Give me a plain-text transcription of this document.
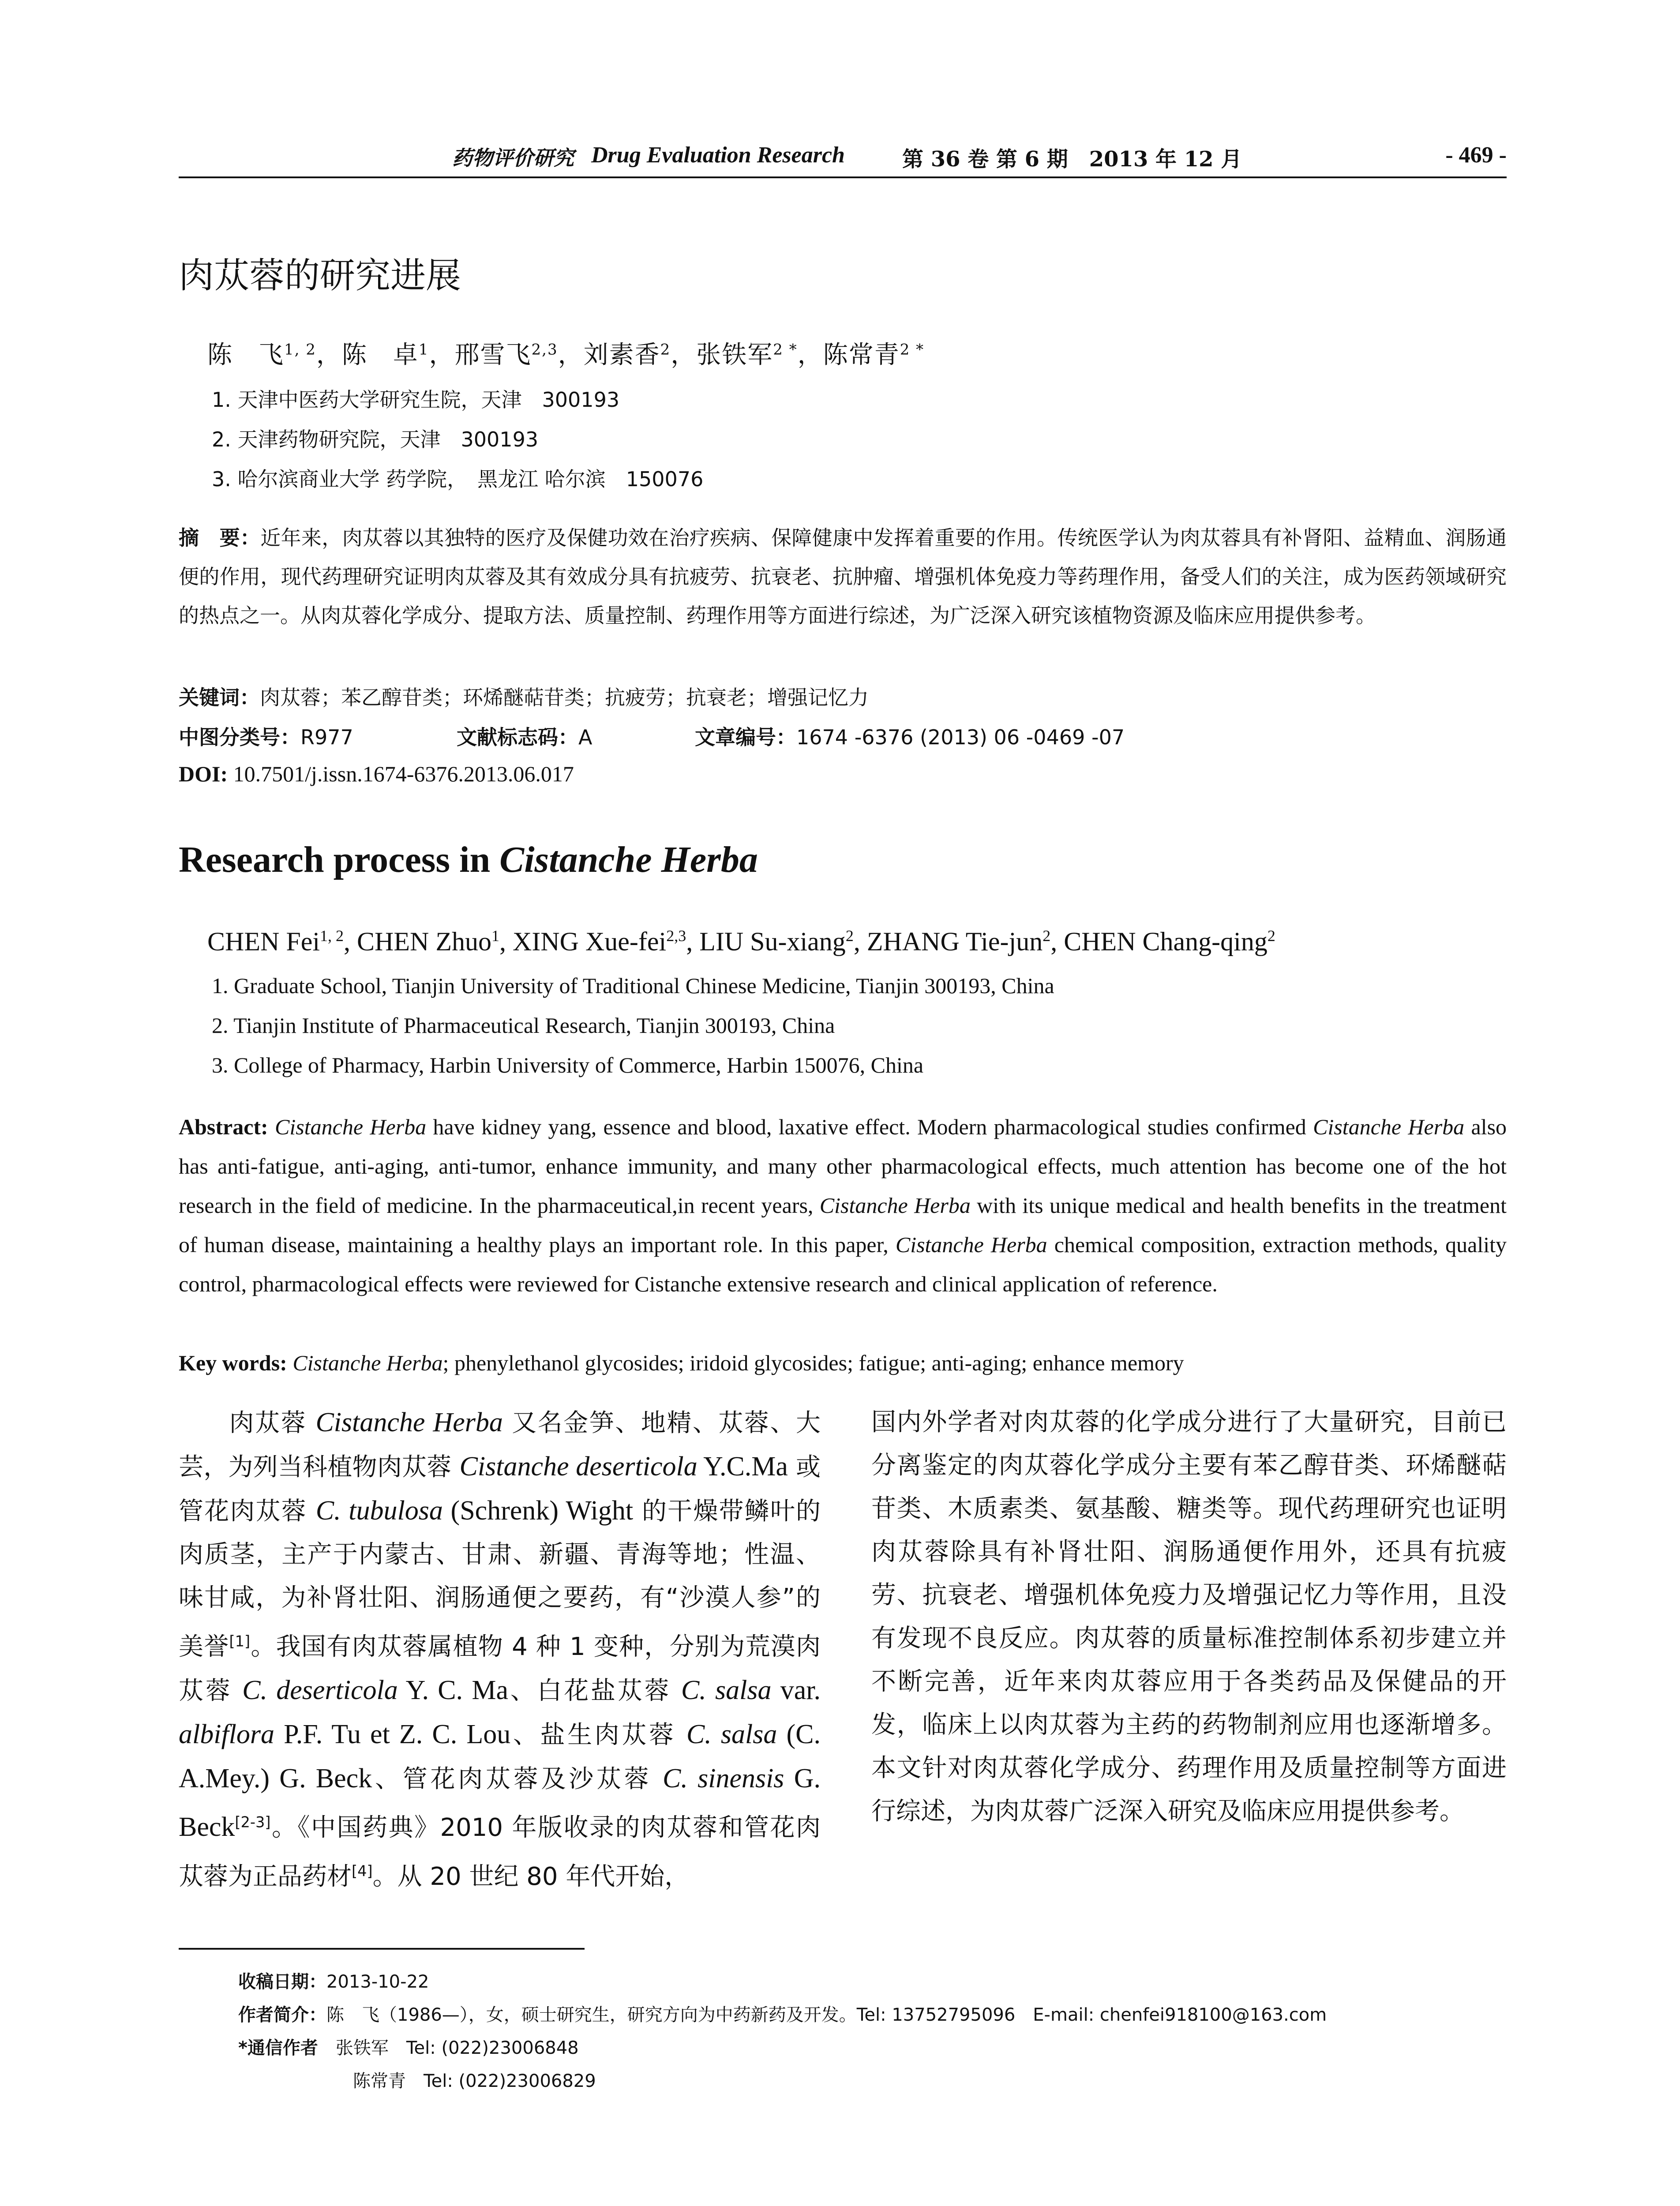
药物评价研究 Drug Evaluation Research	第 36 卷 第 6 期　2013 年 12 月	- 469 -
肉苁蓉的研究进展
陈　飞$^{1, 2}$，陈　卓$^1$，邢雪飞$^{2,3}$，刘素香$^2$，张铁军$^{2 *}$，陈常青$^{2 *}$
1. 天津中医药大学研究生院，天津　300193
2. 天津药物研究院，天津　300193
3. 哈尔滨商业大学 药学院，　黑龙江 哈尔滨　150076
摘　要：近年来，肉苁蓉以其独特的医疗及保健功效在治疗疾病、保障健康中发挥着重要的作用。传统医学认为肉苁蓉具有补肾阳、益精血、润肠通便的作用，现代药理研究证明肉苁蓉及其有效成分具有抗疲劳、抗衰老、抗肿瘤、增强机体免疫力等药理作用，备受人们的关注，成为医药领域研究的热点之一。从肉苁蓉化学成分、提取方法、质量控制、药理作用等方面进行综述，为广泛深入研究该植物资源及临床应用提供参考。
关键词：肉苁蓉；苯乙醇苷类；环烯醚萜苷类；抗疲劳；抗衰老；增强记忆力
中图分类号：R977	文献标志码：A	文章编号：1674 -6376 (2013) 06 -0469 -07
DOI: 10.7501/j.issn.1674-6376.2013.06.017
Research process in Cistanche Herba
CHEN Fei$^{1, 2}$, CHEN Zhuo$^1$, XING Xue-fei$^{2,3}$, LIU Su-xiang$^2$, ZHANG Tie-jun$^2$, CHEN Chang-qing$^2$
1. Graduate School, Tianjin University of Traditional Chinese Medicine, Tianjin 300193, China
2. Tianjin Institute of Pharmaceutical Research, Tianjin 300193, China
3. College of Pharmacy, Harbin University of Commerce, Harbin 150076, China
Abstract: Cistanche Herba have kidney yang, essence and blood, laxative effect. Modern pharmacological studies confirmed Cistanche Herba also has anti-fatigue, anti-aging, anti-tumor, enhance immunity, and many other pharmacological effects, much attention has become one of the hot research in the field of medicine. In the pharmaceutical,in recent years, Cistanche Herba with its unique medical and health benefits in the treatment of human disease, maintaining a healthy plays an important role. In this paper, Cistanche Herba chemical composition, extraction methods, quality control, pharmacological effects were reviewed for Cistanche extensive research and clinical application of reference.
Key words: Cistanche Herba; phenylethanol glycosides; iridoid glycosides; fatigue; anti-aging; enhance memory
肉苁蓉 Cistanche Herba 又名金笋、地精、苁蓉、大芸，为列当科植物肉苁蓉 Cistanche deserticola Y.C.Ma 或管花肉苁蓉 C. tubulosa (Schrenk) Wight 的干燥带鳞叶的肉质茎，主产于内蒙古、甘肃、新疆、青海等地；性温、味甘咸，为补肾壮阳、润肠通便之要药，有“沙漠人参”的美誉[1]。我国有肉苁蓉属植物 4 种 1 变种，分别为荒漠肉苁蓉 C. deserticola Y. C. Ma、白花盐苁蓉 C. salsa var. albiflora P.F. Tu et Z. C. Lou、盐生肉苁蓉 C. salsa (C. A.Mey.) G. Beck、管花肉苁蓉及沙苁蓉 C. sinensis G. Beck[2-3]。《中国药典》2010 年版收录的肉苁蓉和管花肉苁蓉为正品药材[4]。从 20 世纪 80 年代开始，
国内外学者对肉苁蓉的化学成分进行了大量研究，目前已分离鉴定的肉苁蓉化学成分主要有苯乙醇苷类、环烯醚萜苷类、木质素类、氨基酸、糖类等。现代药理研究也证明肉苁蓉除具有补肾壮阳、润肠通便作用外，还具有抗疲劳、抗衰老、增强机体免疫力及增强记忆力等作用，且没有发现不良反应。肉苁蓉的质量标准控制体系初步建立并不断完善，近年来肉苁蓉应用于各类药品及保健品的开发，临床上以肉苁蓉为主药的药物制剂应用也逐渐增多。本文针对肉苁蓉化学成分、药理作用及质量控制等方面进行综述，为肉苁蓉广泛深入研究及临床应用提供参考。
收稿日期：2013-10-22
作者简介：陈　飞（1986—），女，硕士研究生，研究方向为中药新药及开发。Tel: 13752795096　E-mail: chenfei918100@163.com
*通信作者　 张铁军　Tel: (022)23006848
陈常青　Tel: (022)23006829
